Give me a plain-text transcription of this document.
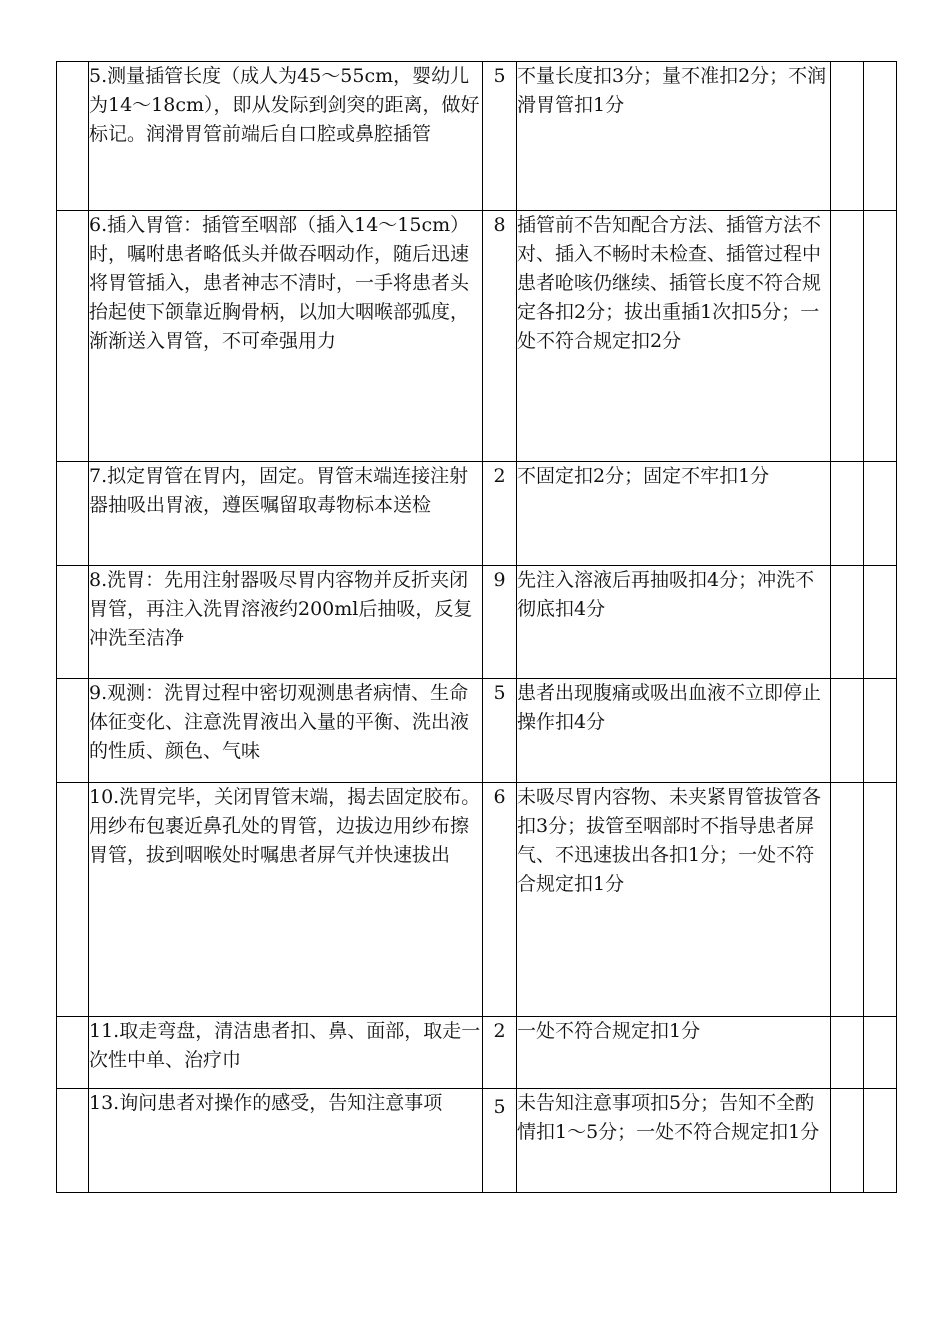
	5.测量插管长度（成人为45～55cm，婴幼儿为14～18cm），即从发际到剑突的距离，做好标记。润滑胃管前端后自口腔或鼻腔插管	5	不量长度扣3分；量不准扣2分；不润滑胃管扣1分		
	6.插入胃管：插管至咽部（插入14～15cm）时，嘱咐患者略低头并做吞咽动作，随后迅速将胃管插入，患者神志不清时，一手将患者头抬起使下颌靠近胸骨柄，以加大咽喉部弧度，渐渐送入胃管，不可牵强用力	8	插管前不告知配合方法、插管方法不对、插入不畅时未检查、插管过程中患者呛咳仍继续、插管长度不符合规定各扣2分；拔出重插1次扣5分；一处不符合规定扣2分		
	7.拟定胃管在胃内，固定。胃管末端连接注射器抽吸出胃液，遵医嘱留取毒物标本送检	2	不固定扣2分；固定不牢扣1分		
	8.洗胃：先用注射器吸尽胃内容物并反折夹闭胃管，再注入洗胃溶液约200ml后抽吸，反复冲洗至洁净	9	先注入溶液后再抽吸扣4分；冲洗不彻底扣4分		
	9.观测：洗胃过程中密切观测患者病情、生命体征变化、注意洗胃液出入量的平衡、洗出液的性质、颜色、气味	5	患者出现腹痛或吸出血液不立即停止操作扣4分		
	10.洗胃完毕，关闭胃管末端，揭去固定胶布。用纱布包裹近鼻孔处的胃管，边拔边用纱布擦胃管，拔到咽喉处时嘱患者屏气并快速拔出	6	未吸尽胃内容物、未夹紧胃管拔管各扣3分；拔管至咽部时不指导患者屏气、不迅速拔出各扣1分；一处不符合规定扣1分		
	11.取走弯盘，清洁患者扣、鼻、面部，取走一次性中单、治疗巾	2	一处不符合规定扣1分		
	13.询问患者对操作的感受，告知注意事项	5	未告知注意事项扣5分；告知不全酌情扣1～5分；一处不符合规定扣1分		
